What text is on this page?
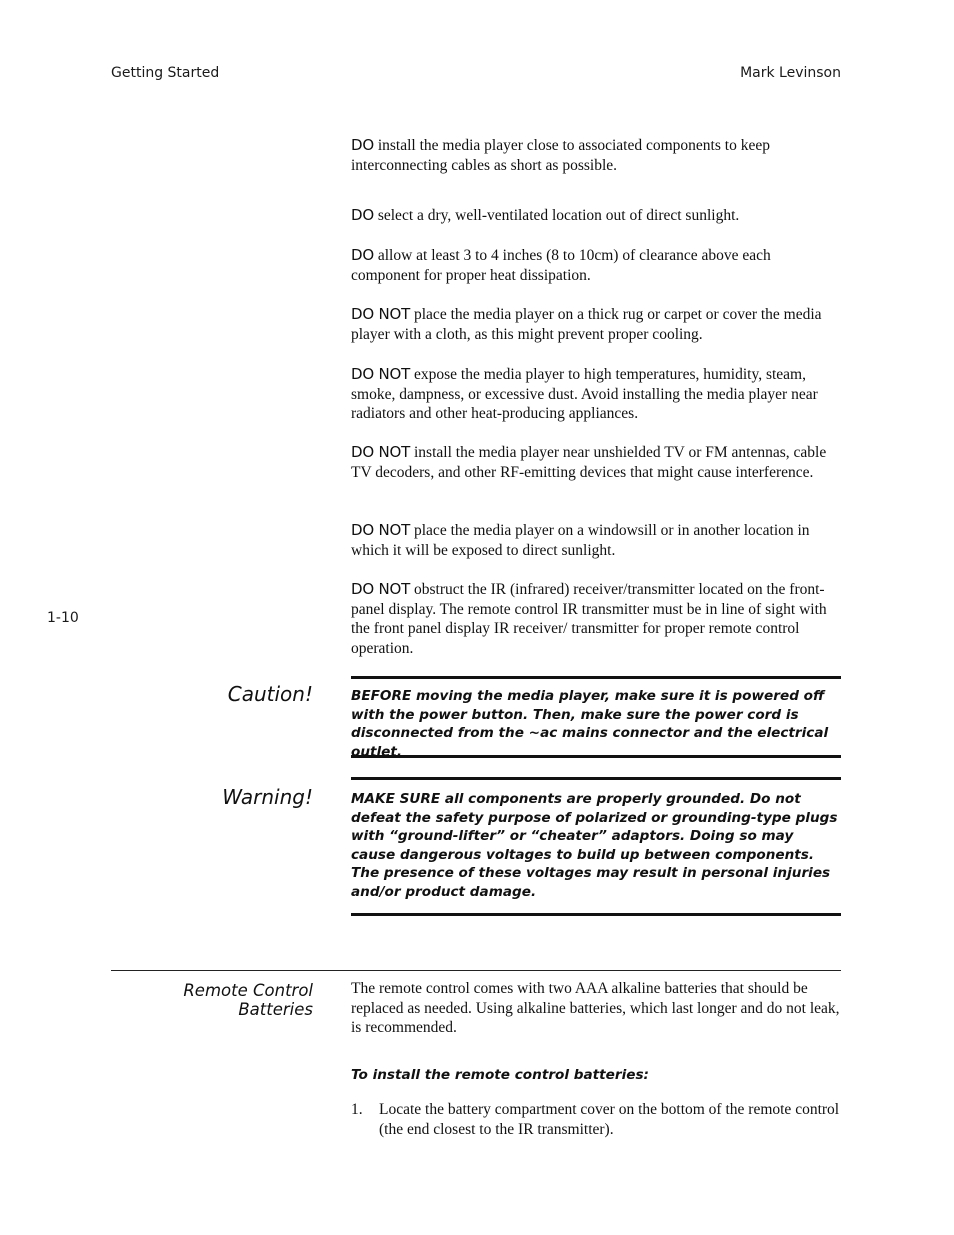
Getting Started	Mark Levinson
1-10
DO install the media player close to associated components to keep interconnecting cables as short as possible.
DO select a dry, well-ventilated location out of direct sunlight.
DO allow at least 3 to 4 inches (8 to 10cm) of clearance above each component for proper heat dissipation.
DO NOT place the media player on a thick rug or carpet or cover the media player with a cloth, as this might prevent proper cooling.
DO NOT expose the media player to high temperatures, humidity, steam, smoke, dampness, or excessive dust. Avoid installing the media player near radiators and other heat-producing appliances.
DO NOT install the media player near unshielded TV or FM antennas, cable TV decoders, and other RF-emitting devices that might cause interference.
DO NOT place the media player on a windowsill or in another location in which it will be exposed to direct sunlight.
DO NOT obstruct the IR (infrared) receiver/transmitter located on the front-panel display. The remote control IR transmitter must be in line of sight with the front panel display IR receiver/ transmitter for proper remote control operation.
Caution!	BEFORE moving the media player, make sure it is powered off with the power button. Then, make sure the power cord is disconnected from the ~ac mains connector and the electrical outlet.
Warning!	MAKE SURE all components are properly grounded. Do not defeat the safety purpose of polarized or grounding-type plugs with “ground-lifter” or “cheater” adaptors. Doing so may cause dangerous voltages to build up between components. The presence of these voltages may result in personal injuries and/or product damage.
Remote Control
Batteries
The remote control comes with two AAA alkaline batteries that should be replaced as needed. Using alkaline batteries, which last longer and do not leak, is recommended.
To install the remote control batteries:
1. Locate the battery compartment cover on the bottom of the remote control (the end closest to the IR transmitter).
